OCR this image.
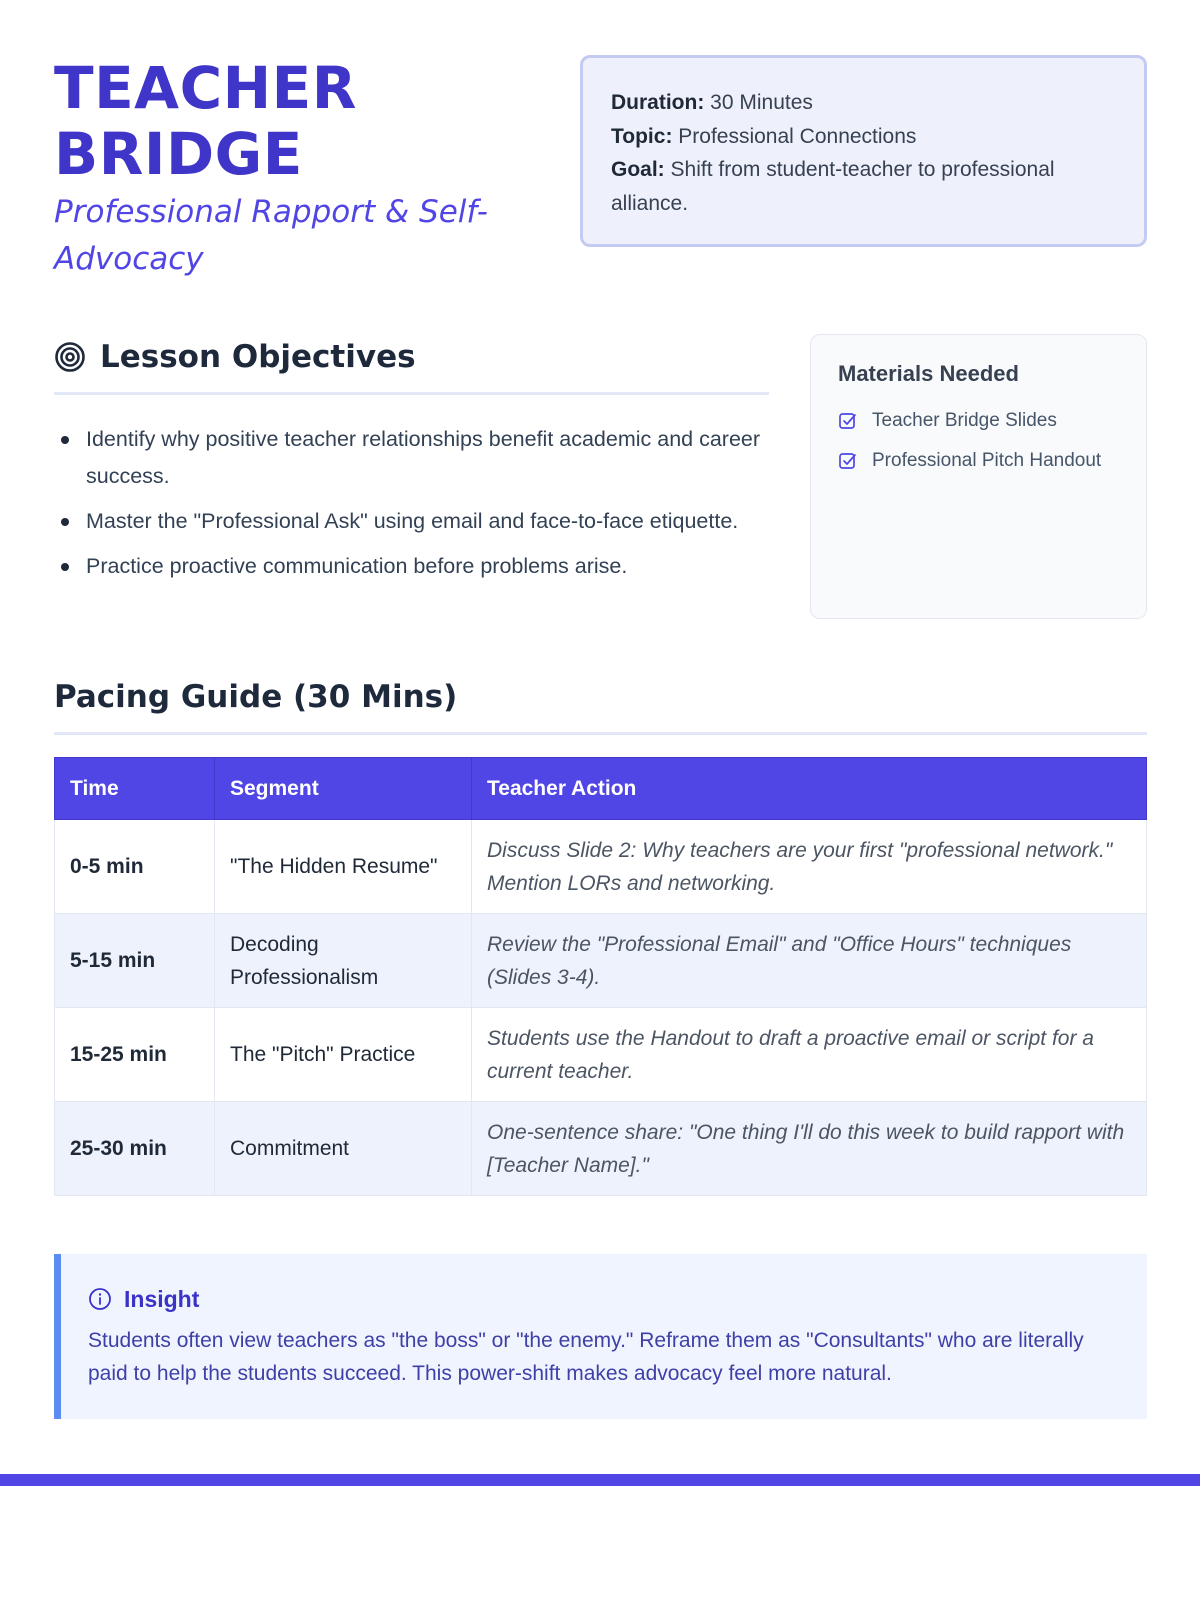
TEACHER
BRIDGE
Professional Rapport & Self-Advocacy
Duration: 30 Minutes
Topic: Professional Connections
Goal: Shift from student-teacher to professional alliance.
Lesson Objectives
Identify why positive teacher relationships benefit academic and career success.
Master the "Professional Ask" using email and face-to-face etiquette.
Practice proactive communication before problems arise.
Materials Needed
Teacher Bridge Slides
Professional Pitch Handout
Pacing Guide (30 Mins)
Time	Segment	Teacher Action
0-5 min	"The Hidden Resume"	Discuss Slide 2: Why teachers are your first "professional network." Mention LORs and networking.
5-15 min	Decoding Professionalism	Review the "Professional Email" and "Office Hours" techniques (Slides 3-4).
15-25 min	The "Pitch" Practice	Students use the Handout to draft a proactive email or script for a current teacher.
25-30 min	Commitment	One-sentence share: "One thing I'll do this week to build rapport with [Teacher Name]."
Insight

Students often view teachers as "the boss" or "the enemy." Reframe them as "Consultants" who are literally paid to help the students succeed. This power-shift makes advocacy feel more natural.
